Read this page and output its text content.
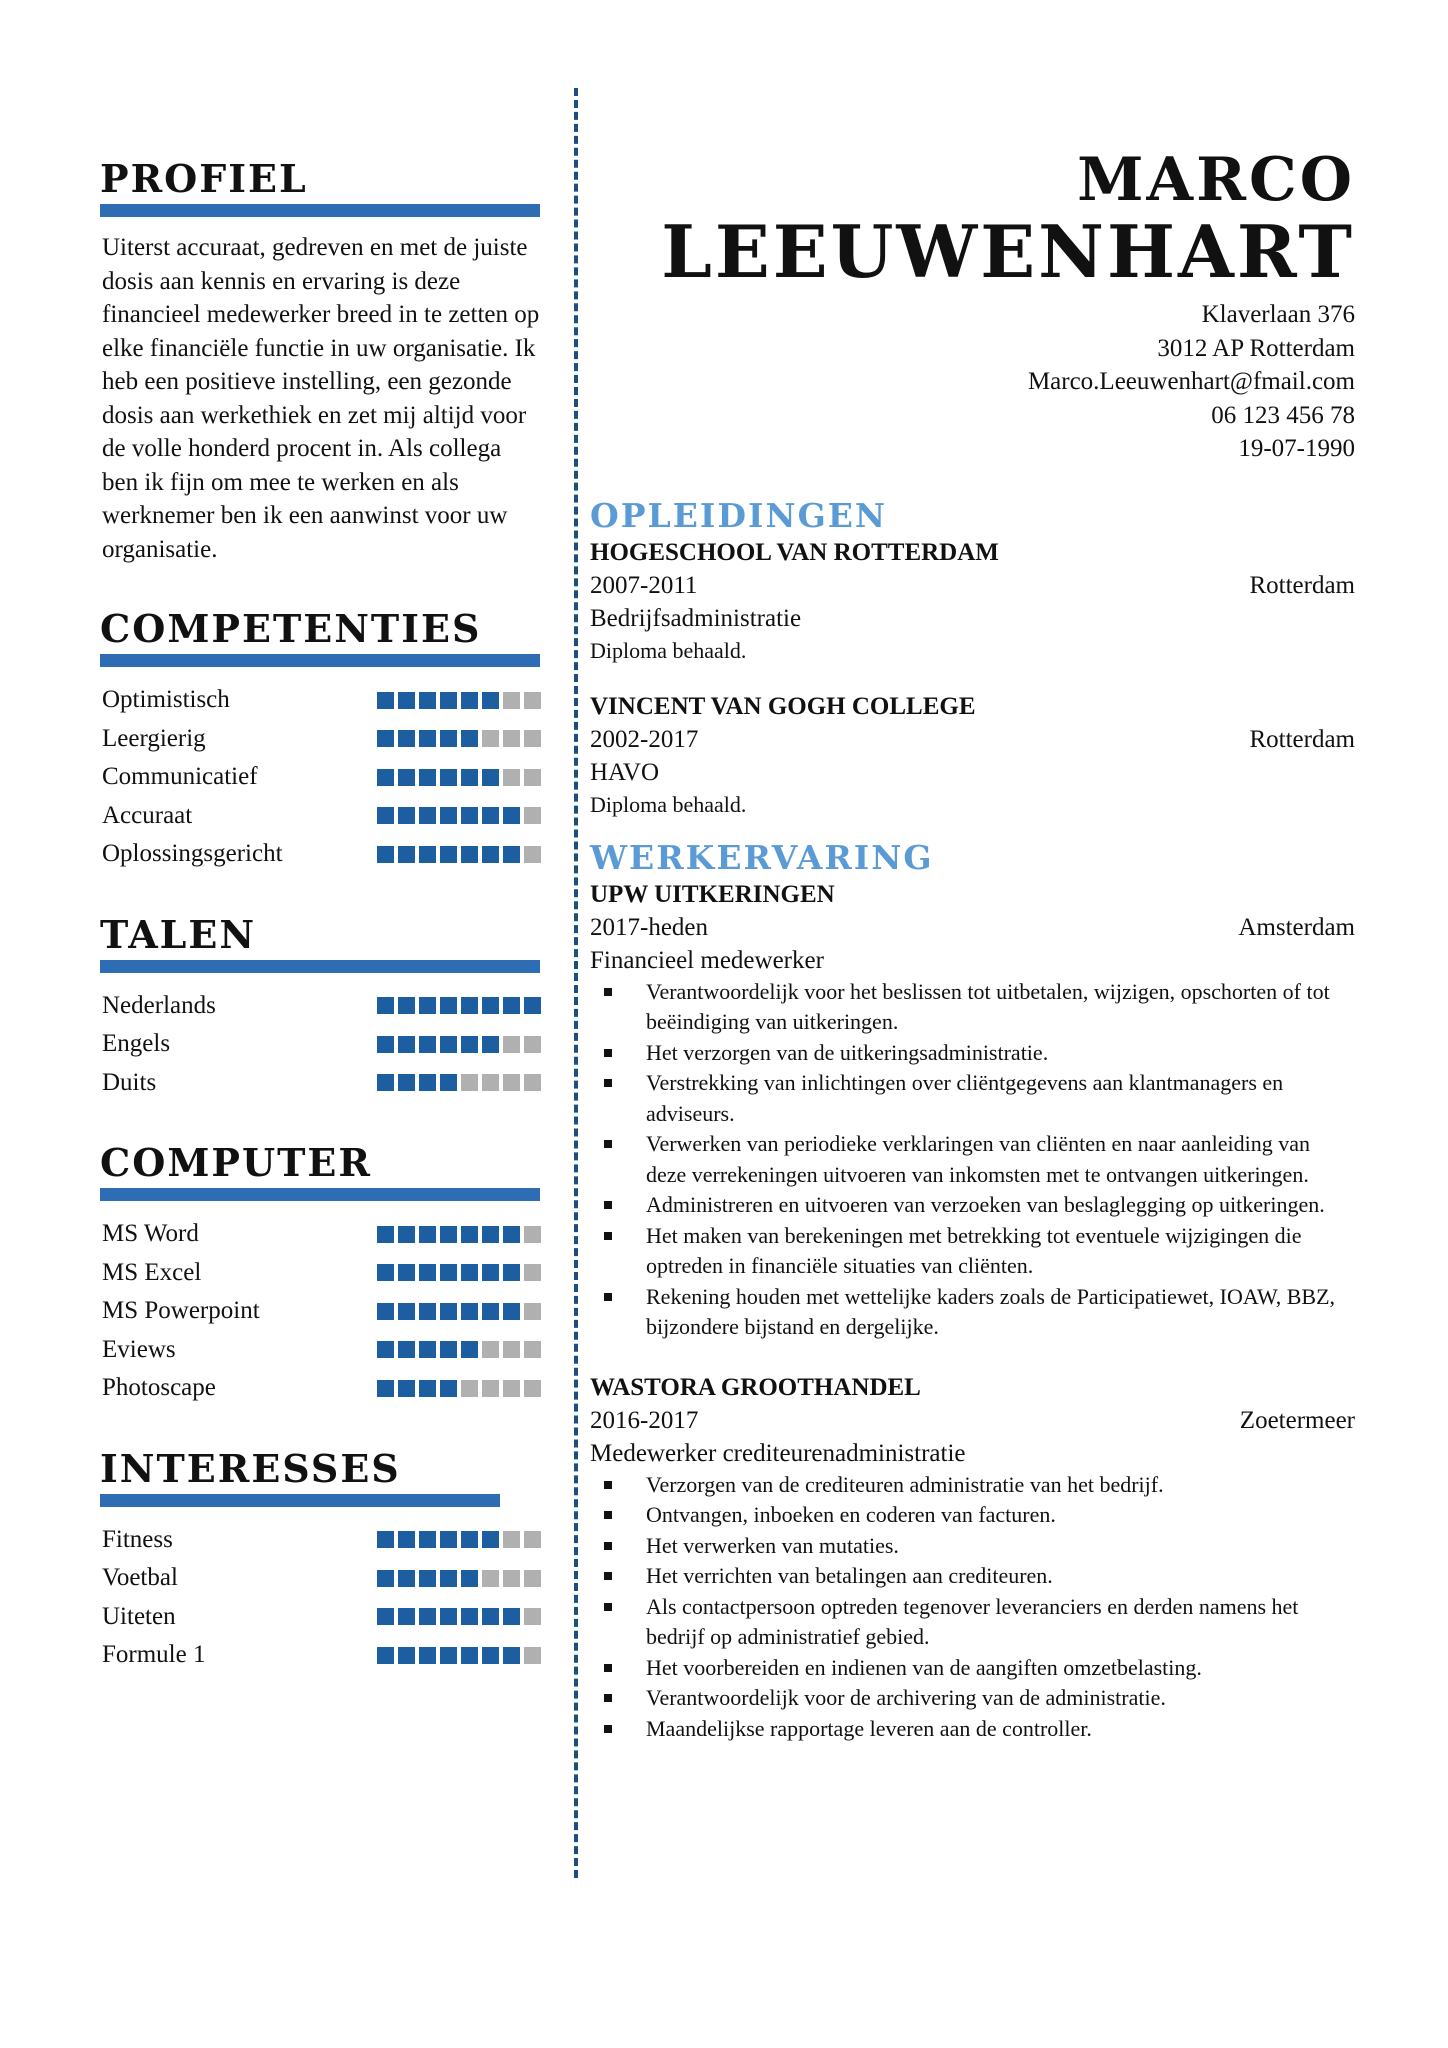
PROFIEL

Uiterst accuraat, gedreven en met de juiste dosis aan kennis en ervaring is deze financieel medewerker breed in te zetten op elke financiële functie in uw organisatie. Ik heb een positieve instelling, een gezonde dosis aan werkethiek en zet mij altijd voor de volle honderd procent in. Als collega ben ik fijn om mee te werken en als werknemer ben ik een aanwinst voor uw organisatie.

COMPETENTIES
Optimistisch
Leergierig
Communicatief
Accuraat
Oplossingsgericht
TALEN
Nederlands
Engels
Duits
COMPUTER
MS Word
MS Excel
MS Powerpoint
Eviews
Photoscape
INTERESSES
Fitness
Voetbal
Uiteten
Formule 1
MARCO
LEEUWENHART
Klaverlaan 376
3012 AP Rotterdam
Marco.Leeuwenhart@fmail.com
06 123 456 78
19-07-1990
OPLEIDINGEN
HOGESCHOOL VAN ROTTERDAM
2007-2011	Rotterdam
Bedrijfsadministratie
Diploma behaald.
VINCENT VAN GOGH COLLEGE
2002-2017	Rotterdam
HAVO
Diploma behaald.
WERKERVARING
UPW UITKERINGEN
2017-heden	Amsterdam
Financieel medewerker
Verantwoordelijk voor het beslissen tot uitbetalen, wijzigen, opschorten of tot beëindiging van uitkeringen.
Het verzorgen van de uitkeringsadministratie.
Verstrekking van inlichtingen over cliëntgegevens aan klantmanagers en adviseurs.
Verwerken van periodieke verklaringen van cliënten en naar aanleiding van deze verrekeningen uitvoeren van inkomsten met te ontvangen uitkeringen.
Administreren en uitvoeren van verzoeken van beslaglegging op uitkeringen.
Het maken van berekeningen met betrekking tot eventuele wijzigingen die optreden in financiële situaties van cliënten.
Rekening houden met wettelijke kaders zoals de Participatiewet, IOAW, BBZ, bijzondere bijstand en dergelijke.
WASTORA GROOTHANDEL
2016-2017	Zoetermeer
Medewerker crediteurenadministratie
Verzorgen van de crediteuren administratie van het bedrijf.
Ontvangen, inboeken en coderen van facturen.
Het verwerken van mutaties.
Het verrichten van betalingen aan crediteuren.
Als contactpersoon optreden tegenover leveranciers en derden namens het bedrijf op administratief gebied.
Het voorbereiden en indienen van de aangiften omzetbelasting.
Verantwoordelijk voor de archivering van de administratie.
Maandelijkse rapportage leveren aan de controller.
